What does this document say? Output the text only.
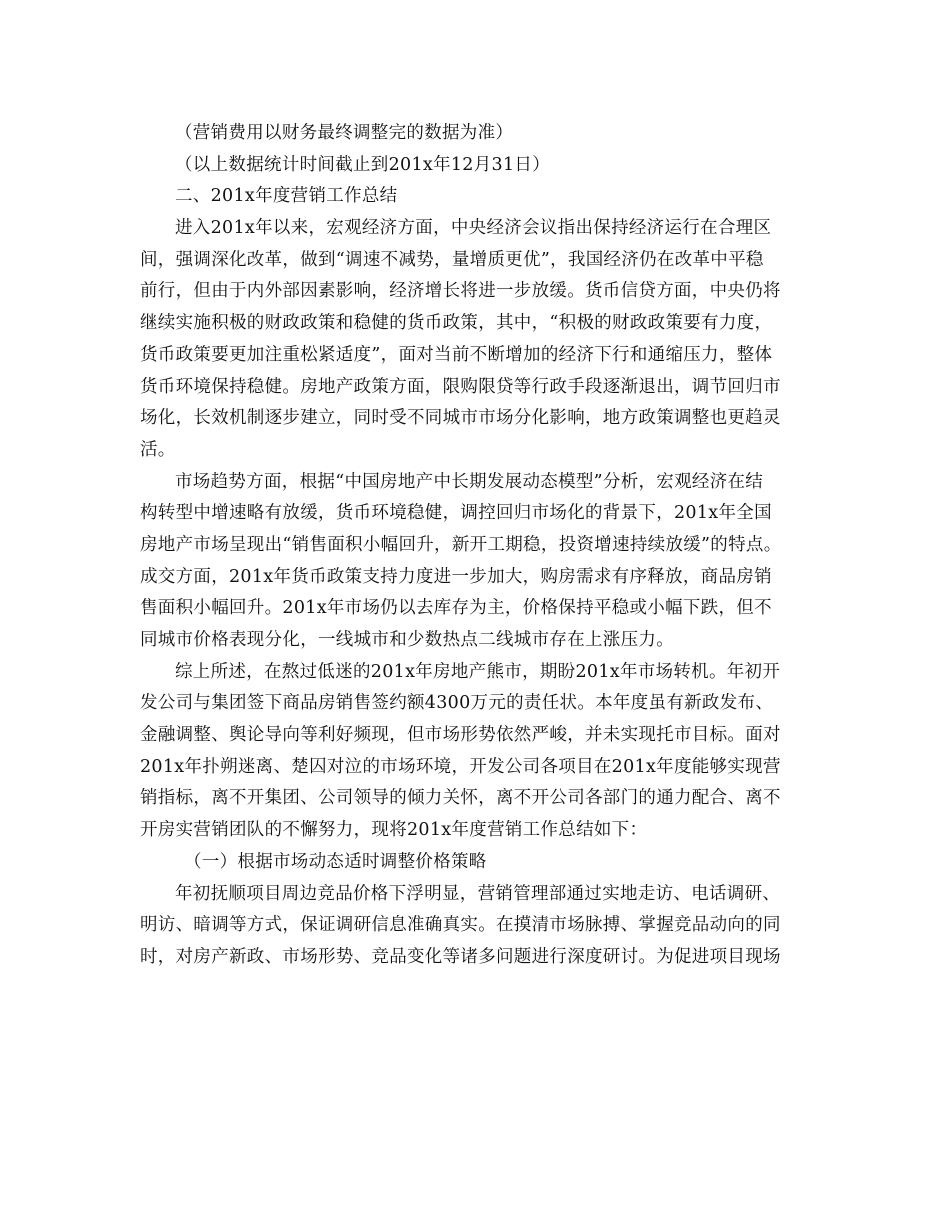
（营销费用以财务最终调整完的数据为准）
（以上数据统计时间截止到201x年12月31日）
二、201x年度营销工作总结
进入201x年以来，宏观经济方面，中央经济会议指出保持经济运行在合理区
间，强调深化改革，做到“调速不减势，量增质更优”，我国经济仍在改革中平稳
前行，但由于内外部因素影响，经济增长将进一步放缓。货币信贷方面，中央仍将
继续实施积极的财政政策和稳健的货币政策，其中，“积极的财政政策要有力度，
货币政策要更加注重松紧适度”，面对当前不断增加的经济下行和通缩压力，整体
货币环境保持稳健。房地产政策方面，限购限贷等行政手段逐渐退出，调节回归市
场化，长效机制逐步建立，同时受不同城市市场分化影响，地方政策调整也更趋灵
活。
市场趋势方面，根据“中国房地产中长期发展动态模型”分析，宏观经济在结
构转型中增速略有放缓，货币环境稳健，调控回归市场化的背景下，201x年全国
房地产市场呈现出“销售面积小幅回升，新开工期稳，投资增速持续放缓”的特点。
成交方面，201x年货币政策支持力度进一步加大，购房需求有序释放，商品房销
售面积小幅回升。201x年市场仍以去库存为主，价格保持平稳或小幅下跌，但不
同城市价格表现分化，一线城市和少数热点二线城市存在上涨压力。
综上所述，在熬过低迷的201x年房地产熊市，期盼201x年市场转机。年初开
发公司与集团签下商品房销售签约额4300万元的责任状。本年度虽有新政发布、
金融调整、舆论导向等利好频现，但市场形势依然严峻，并未实现托市目标。面对
201x年扑朔迷离、楚囚对泣的市场环境，开发公司各项目在201x年度能够实现营
销指标，离不开集团、公司领导的倾力关怀，离不开公司各部门的通力配合、离不
开房实营销团队的不懈努力，现将201x年度营销工作总结如下：
（一）根据市场动态适时调整价格策略
年初抚顺项目周边竞品价格下浮明显，营销管理部通过实地走访、电话调研、
明访、暗调等方式，保证调研信息准确真实。在摸清市场脉搏、掌握竞品动向的同
时，对房产新政、市场形势、竞品变化等诸多问题进行深度研讨。为促进项目现场
